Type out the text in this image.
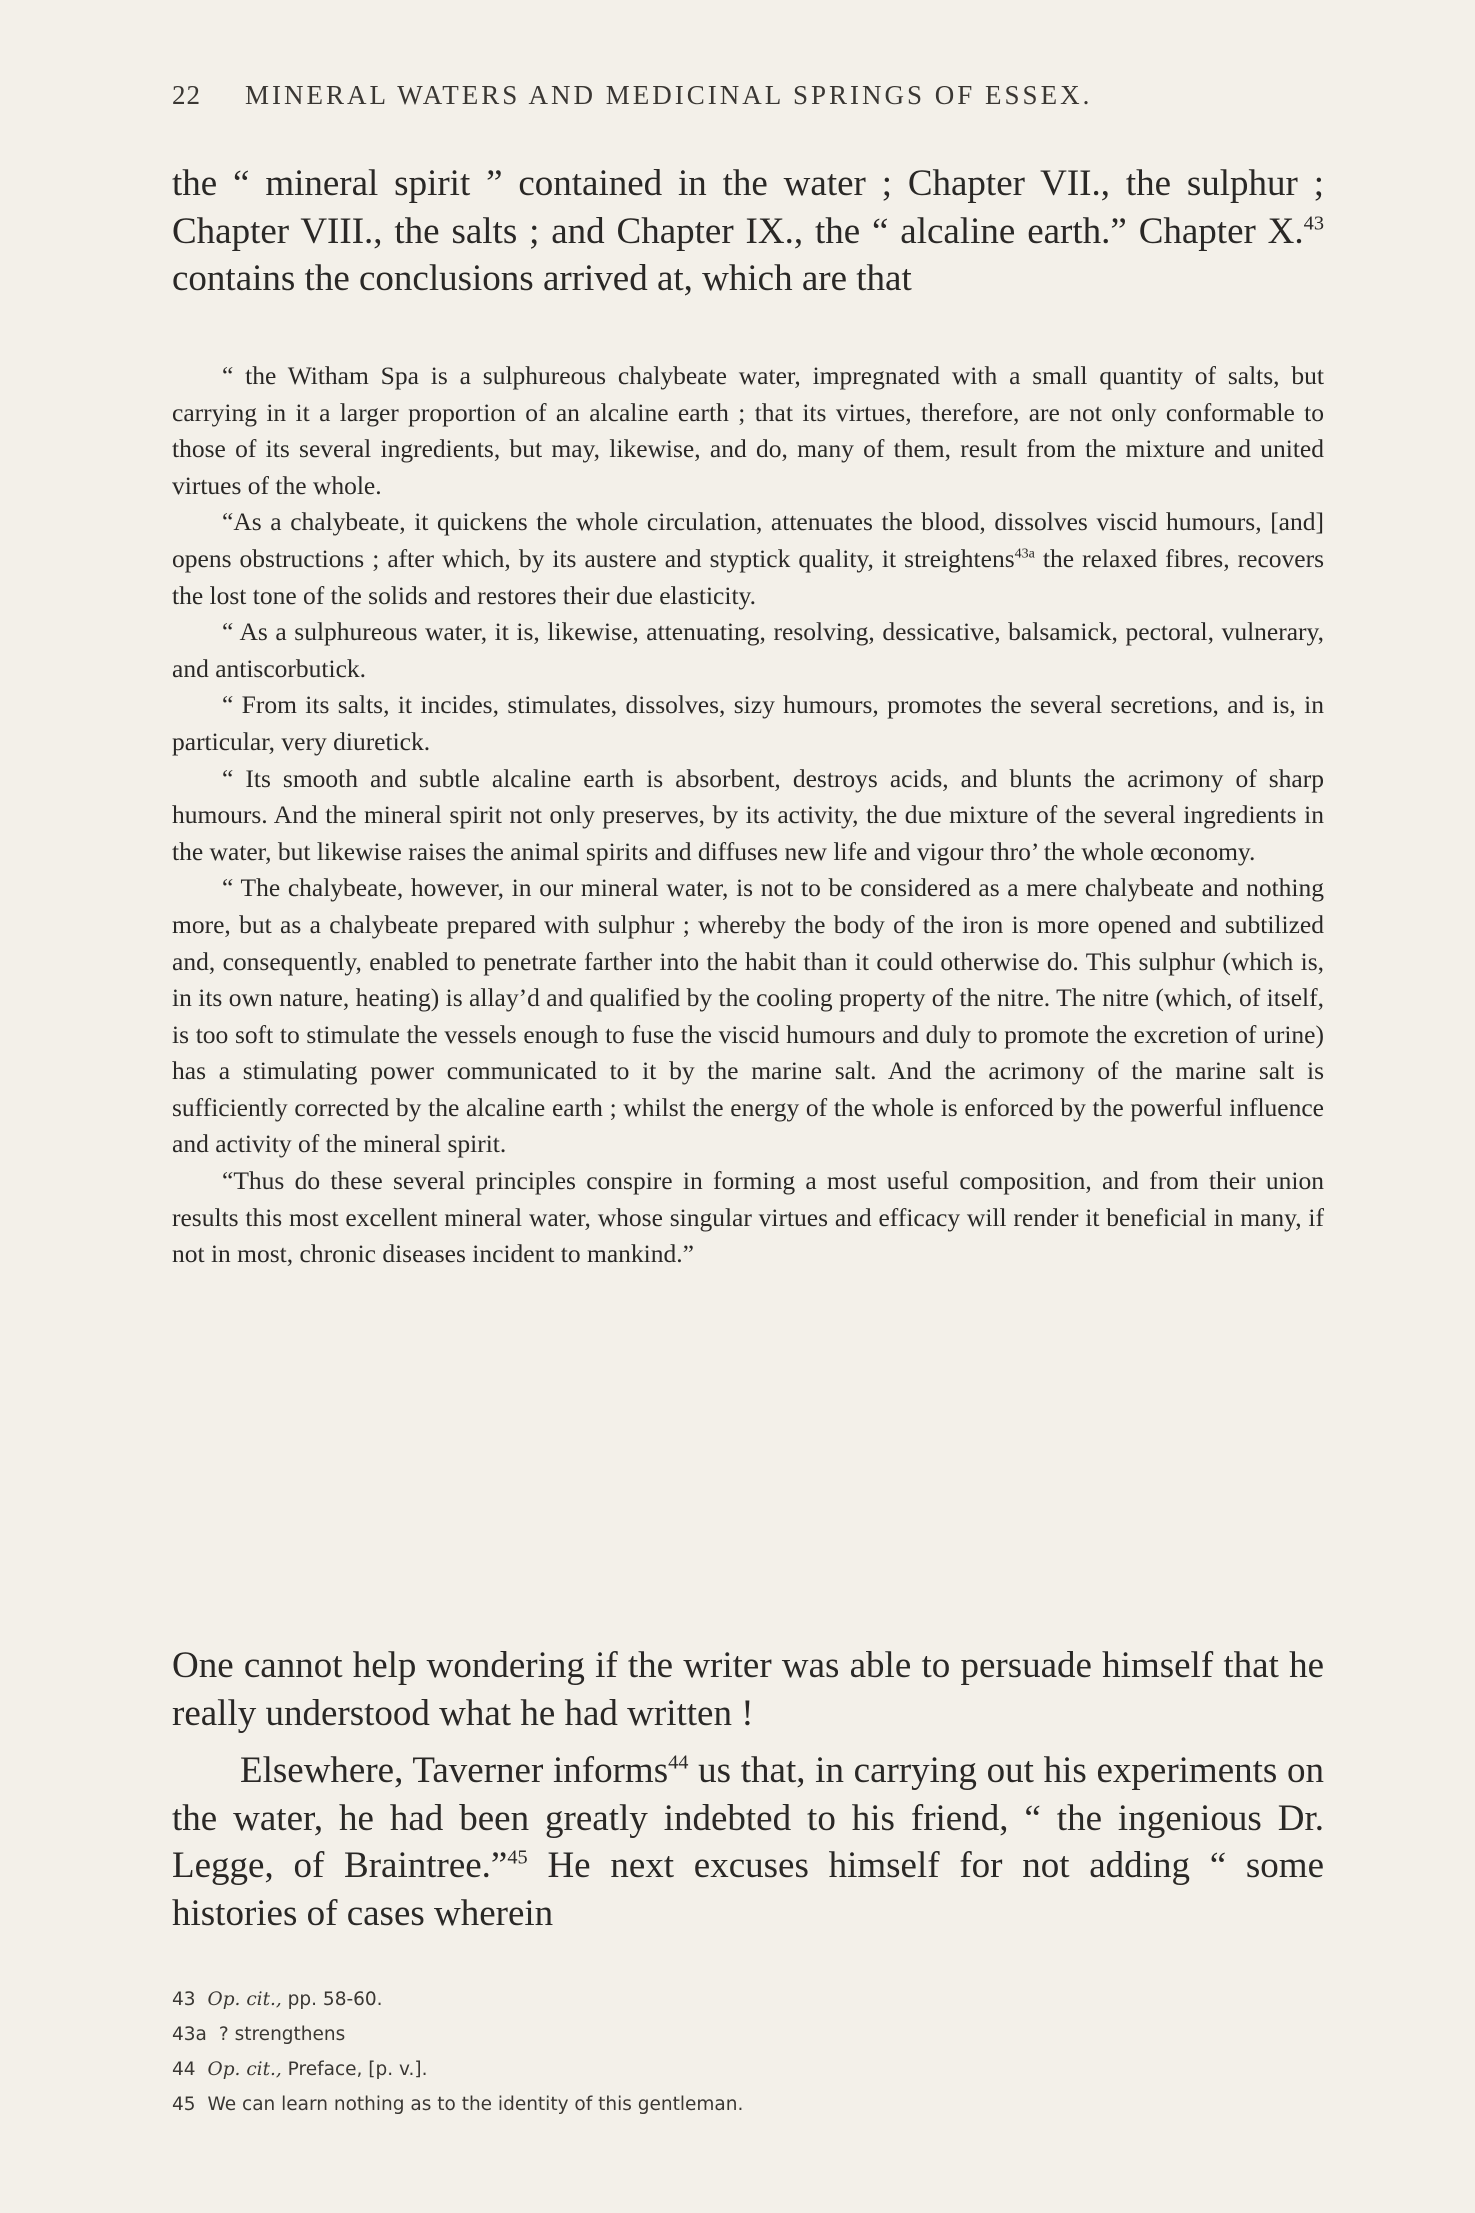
22 MINERAL WATERS AND MEDICINAL SPRINGS OF ESSEX.

the “ mineral spirit ” contained in the water ; Chapter VII., the sulphur ; Chapter VIII., the salts ; and Chapter IX., the “ alcaline earth.” Chapter X.$^{43}$ contains the conclusions arrived at, which are that

“ the Witham Spa is a sulphureous chalybeate water, impregnated with a small quantity of salts, but carrying in it a larger proportion of an alcaline earth ; that its virtues, therefore, are not only conformable to those of its several ingredients, but may, likewise, and do, many of them, result from the mixture and united virtues of the whole.

“As a chalybeate, it quickens the whole circulation, attenuates the blood, dissolves viscid humours, [and] opens obstructions ; after which, by its austere and styptick quality, it streightens$^{43a}$ the relaxed fibres, recovers the lost tone of the solids and restores their due elasticity.

“ As a sulphureous water, it is, likewise, attenuating, resolving, dessicative, balsamick, pectoral, vulnerary, and antiscorbutick.

“ From its salts, it incides, stimulates, dissolves, sizy humours, promotes the several secretions, and is, in particular, very diuretick.

“ Its smooth and subtle alcaline earth is absorbent, destroys acids, and blunts the acrimony of sharp humours. And the mineral spirit not only preserves, by its activity, the due mixture of the several ingredients in the water, but likewise raises the animal spirits and diffuses new life and vigour thro’ the whole œconomy.

“ The chalybeate, however, in our mineral water, is not to be considered as a mere chalybeate and nothing more, but as a chalybeate prepared with sulphur ; whereby the body of the iron is more opened and subtilized and, consequently, enabled to penetrate farther into the habit than it could otherwise do. This sulphur (which is, in its own nature, heating) is allay’d and qualified by the cooling property of the nitre. The nitre (which, of itself, is too soft to stimulate the vessels enough to fuse the viscid humours and duly to promote the excretion of urine) has a stimulating power communicated to it by the marine salt. And the acrimony of the marine salt is sufficiently corrected by the alcaline earth ; whilst the energy of the whole is enforced by the powerful influence and activity of the mineral spirit.

“Thus do these several principles conspire in forming a most useful composition, and from their union results this most excellent mineral water, whose singular virtues and efficacy will render it beneficial in many, if not in most, chronic diseases incident to mankind.”

One cannot help wondering if the writer was able to persuade himself that he really understood what he had written !

Elsewhere, Taverner informs$^{44}$ us that, in carrying out his experiments on the water, he had been greatly indebted to his friend, “ the ingenious Dr. Legge, of Braintree.”$^{45}$ He next excuses himself for not adding “ some histories of cases wherein

43 Op. cit., pp. 58-60.
43a ? strengthens
44 Op. cit., Preface, [p. v.].
45 We can learn nothing as to the identity of this gentleman.
